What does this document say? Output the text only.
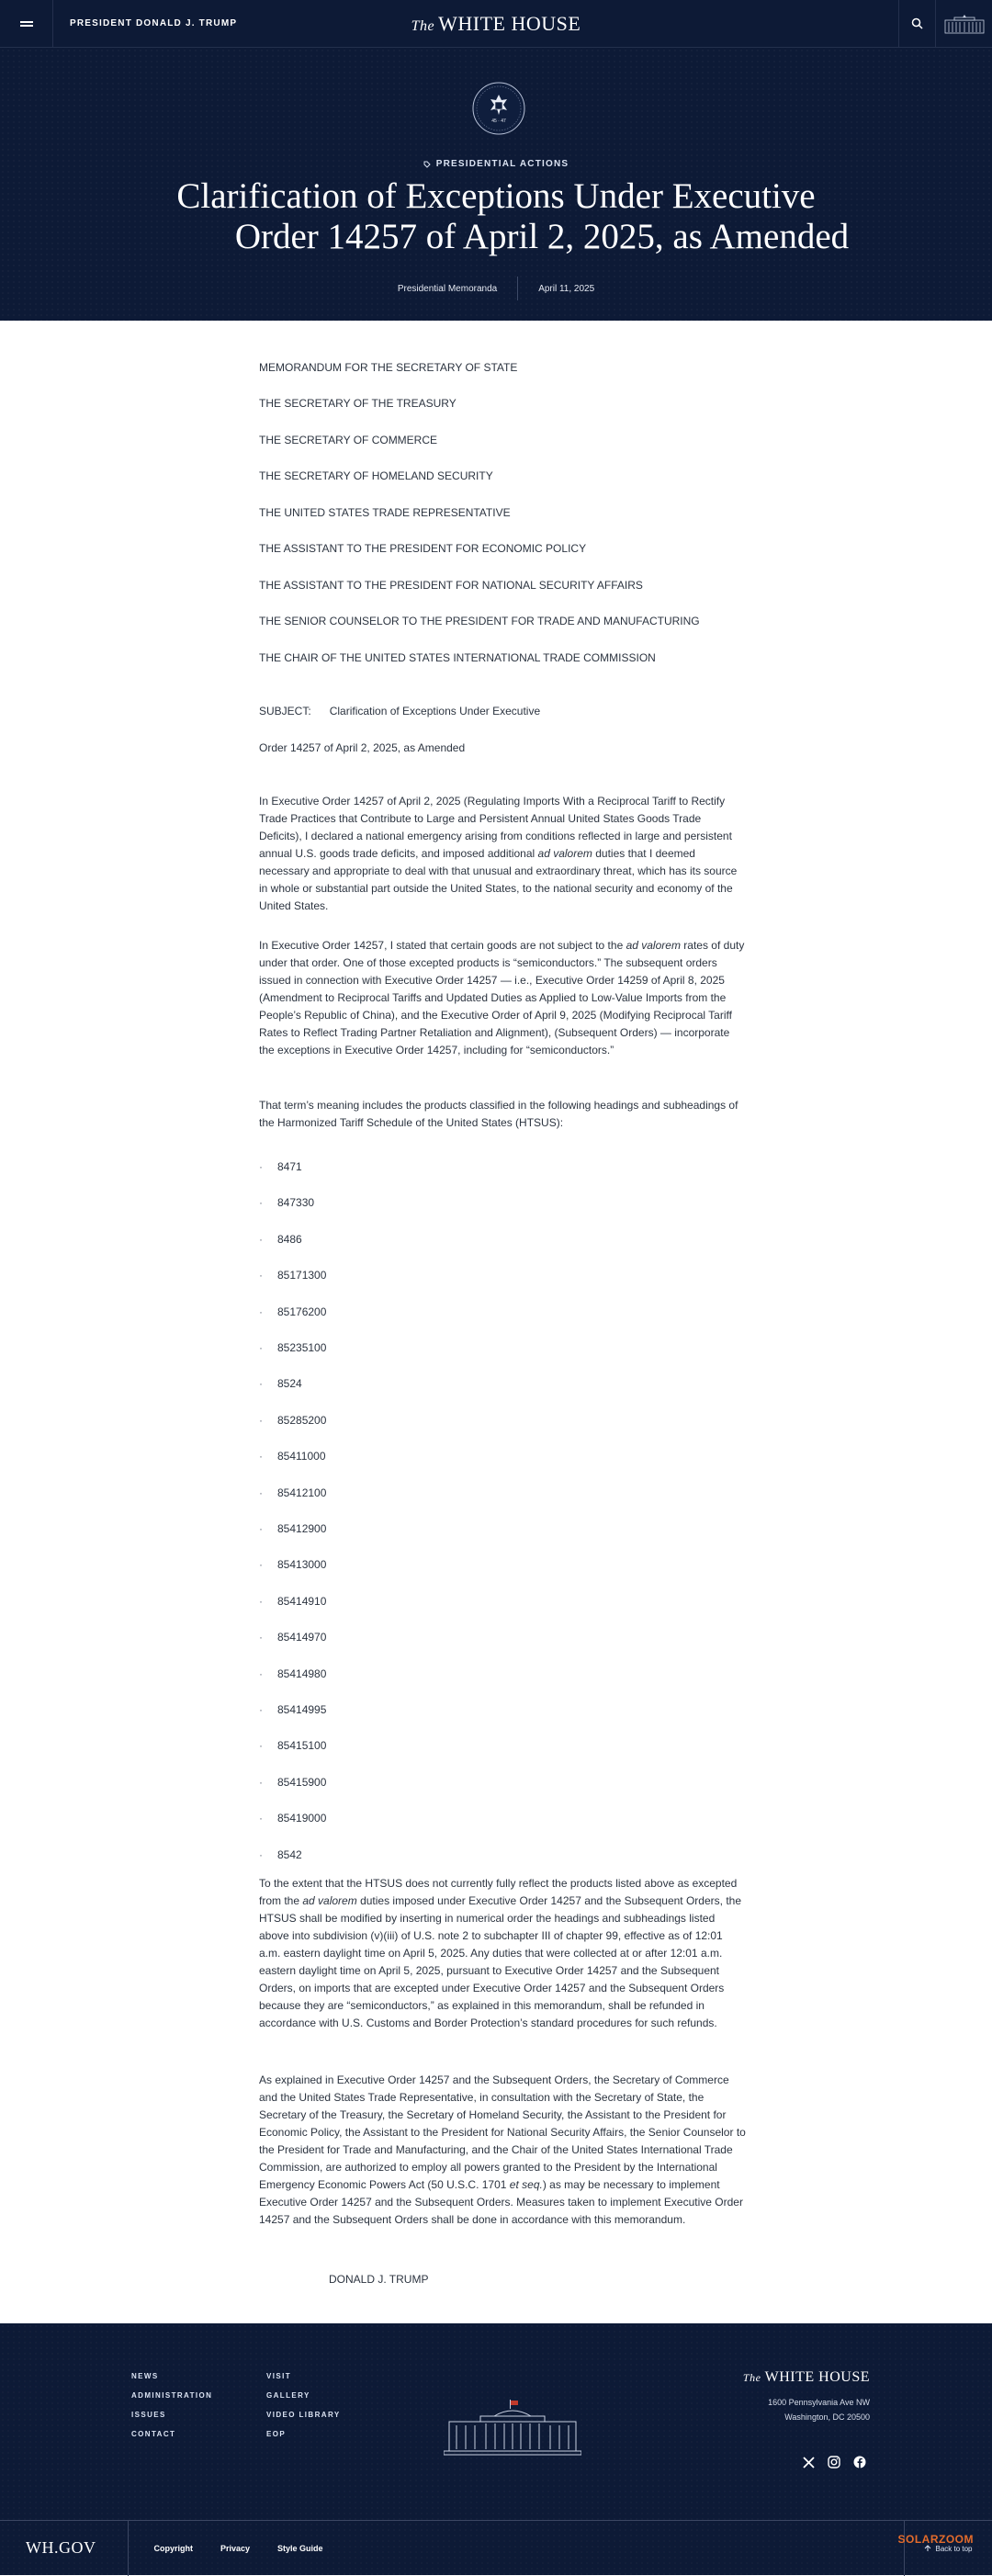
PRESIDENT DONALD J. TRUMP	The WHITE HOUSE
45 · 47
PRESIDENTIAL ACTIONS
Clarification of Exceptions Under Executive
Order 14257 of April 2, 2025, as Amended
Presidential Memoranda	April 11, 2025
MEMORANDUM FOR THE SECRETARY OF STATE
THE SECRETARY OF THE TREASURY
THE SECRETARY OF COMMERCE
THE SECRETARY OF HOMELAND SECURITY
THE UNITED STATES TRADE REPRESENTATIVE
THE ASSISTANT TO THE PRESIDENT FOR ECONOMIC POLICY
THE ASSISTANT TO THE PRESIDENT FOR NATIONAL SECURITY AFFAIRS
THE SENIOR COUNSELOR TO THE PRESIDENT FOR TRADE AND MANUFACTURING
THE CHAIR OF THE UNITED STATES INTERNATIONAL TRADE COMMISSION
SUBJECT: Clarification of Exceptions Under Executive
Order 14257 of April 2, 2025, as Amended

In Executive Order 14257 of April 2, 2025 (Regulating Imports With a Reciprocal Tariff to Rectify Trade Practices that Contribute to Large and Persistent Annual United States Goods Trade Deficits), I declared a national emergency arising from conditions reflected in large and persistent annual U.S. goods trade deficits, and imposed additional ad valorem duties that I deemed necessary and appropriate to deal with that unusual and extraordinary threat, which has its source in whole or substantial part outside the United States, to the national security and economy of the United States.

In Executive Order 14257, I stated that certain goods are not subject to the ad valorem rates of duty under that order. One of those excepted products is “semiconductors.” The subsequent orders issued in connection with Executive Order 14257 — i.e., Executive Order 14259 of April 8, 2025 (Amendment to Reciprocal Tariffs and Updated Duties as Applied to Low-Value Imports from the People’s Republic of China), and the Executive Order of April 9, 2025 (Modifying Reciprocal Tariff Rates to Reflect Trading Partner Retaliation and Alignment), (Subsequent Orders) — incorporate the exceptions in Executive Order 14257, including for “semiconductors.”

That term’s meaning includes the products classified in the following headings and subheadings of the Harmonized Tariff Schedule of the United States (HTSUS):

·	8471
·	847330
·	8486
·	85171300
·	85176200
·	85235100
·	8524
·	85285200
·	85411000
·	85412100
·	85412900
·	85413000
·	85414910
·	85414970
·	85414980
·	85414995
·	85415100
·	85415900
·	85419000
·	8542

To the extent that the HTSUS does not currently fully reflect the products listed above as excepted from the ad valorem duties imposed under Executive Order 14257 and the Subsequent Orders, the HTSUS shall be modified by inserting in numerical order the headings and subheadings listed above into subdivision (v)(iii) of U.S. note 2 to subchapter III of chapter 99, effective as of 12:01 a.m. eastern daylight time on April 5, 2025. Any duties that were collected at or after 12:01 a.m. eastern daylight time on April 5, 2025, pursuant to Executive Order 14257 and the Subsequent Orders, on imports that are excepted under Executive Order 14257 and the Subsequent Orders because they are “semiconductors,” as explained in this memorandum, shall be refunded in accordance with U.S. Customs and Border Protection’s standard procedures for such refunds.

As explained in Executive Order 14257 and the Subsequent Orders, the Secretary of Commerce and the United States Trade Representative, in consultation with the Secretary of State, the Secretary of the Treasury, the Secretary of Homeland Security, the Assistant to the President for Economic Policy, the Assistant to the President for National Security Affairs, the Senior Counselor to the President for Trade and Manufacturing, and the Chair of the United States International Trade Commission, are authorized to employ all powers granted to the President by the International Emergency Economic Powers Act (50 U.S.C. 1701 et seq.) as may be necessary to implement Executive Order 14257 and the Subsequent Orders. Measures taken to implement Executive Order 14257 and the Subsequent Orders shall be done in accordance with this memorandum.

DONALD J. TRUMP
NEWS
ADMINISTRATION
ISSUES
CONTACT
VISIT
GALLERY
VIDEO LIBRARY
EOP
The WHITE HOUSE
1600 Pennsylvania Ave NW
Washington, DC 20500
WH.GOV	Copyright	Privacy	Style Guide	Back to top
SOLARZOOM
